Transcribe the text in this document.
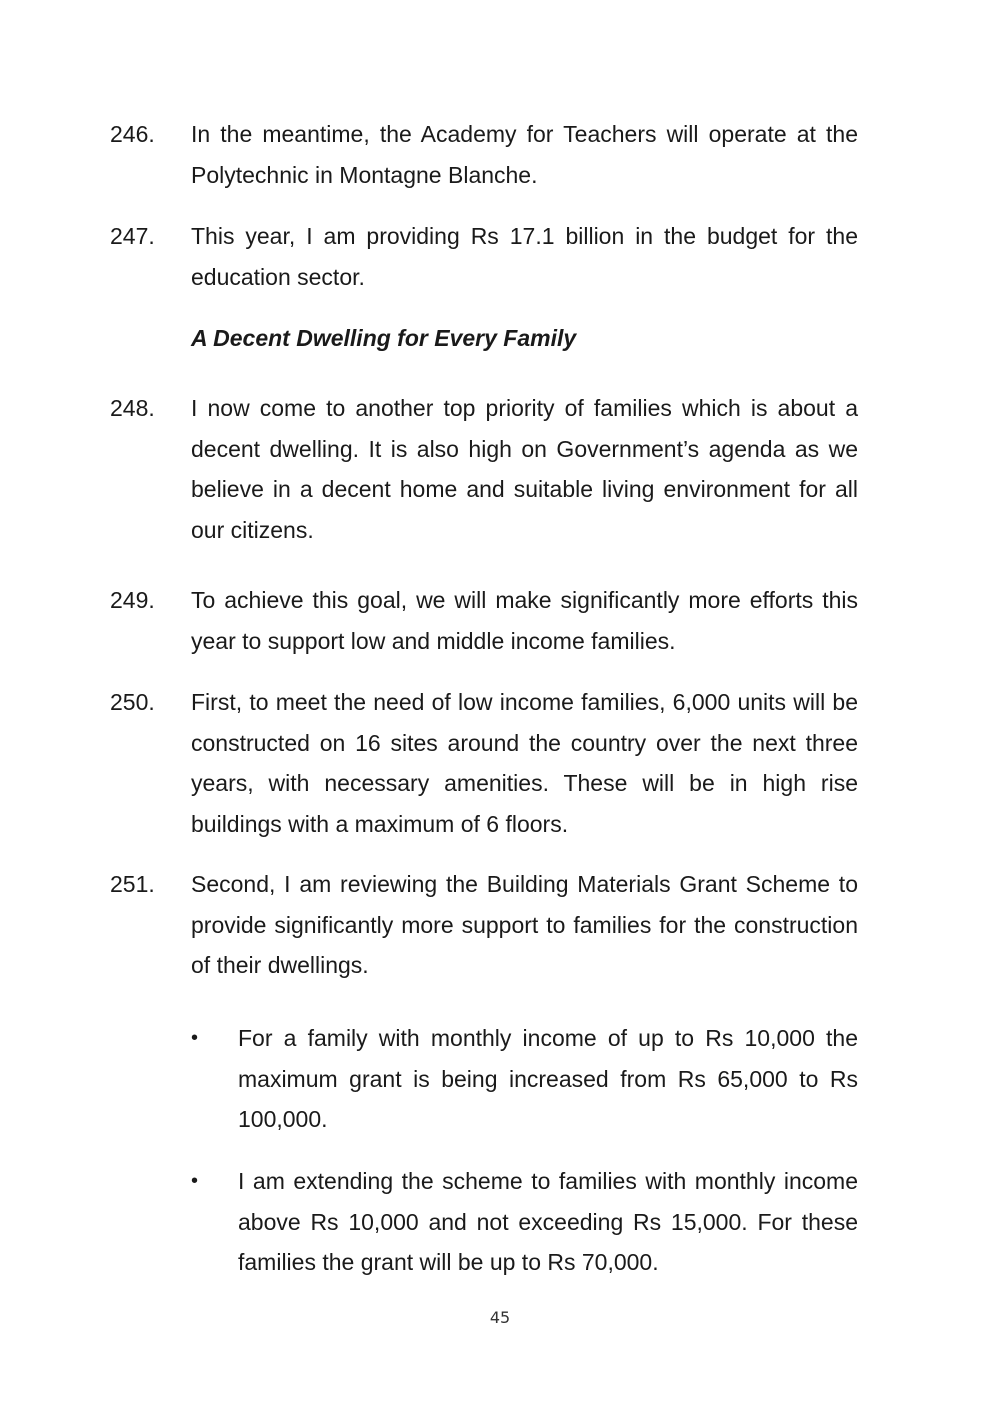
246.	In the meantime, the Academy for Teachers will operate at the Polytechnic in Montagne Blanche.
247.	This year, I am providing Rs 17.1 billion in the budget for the education sector.
A Decent Dwelling for Every Family
248.	I now come to another top priority of families which is about a decent dwelling. It is also high on Government’s agenda as we believe in a decent home and suitable living environment for all our citizens.
249.	To achieve this goal, we will make significantly more efforts this year to support low and middle income families.
250.	First, to meet the need of low income families, 6,000 units will be constructed on 16 sites around the country over the next three years, with necessary amenities. These will be in high rise buildings with a maximum of 6 floors.
251.	Second, I am reviewing the Building Materials Grant Scheme to provide significantly more support to families for the construction of their dwellings.
•	For a family with monthly income of up to Rs 10,000 the maximum grant is being increased from Rs 65,000 to Rs 100,000.
•	I am extending the scheme to families with monthly income above Rs 10,000 and not exceeding Rs 15,000. For these families the grant will be up to Rs 70,000.
45
